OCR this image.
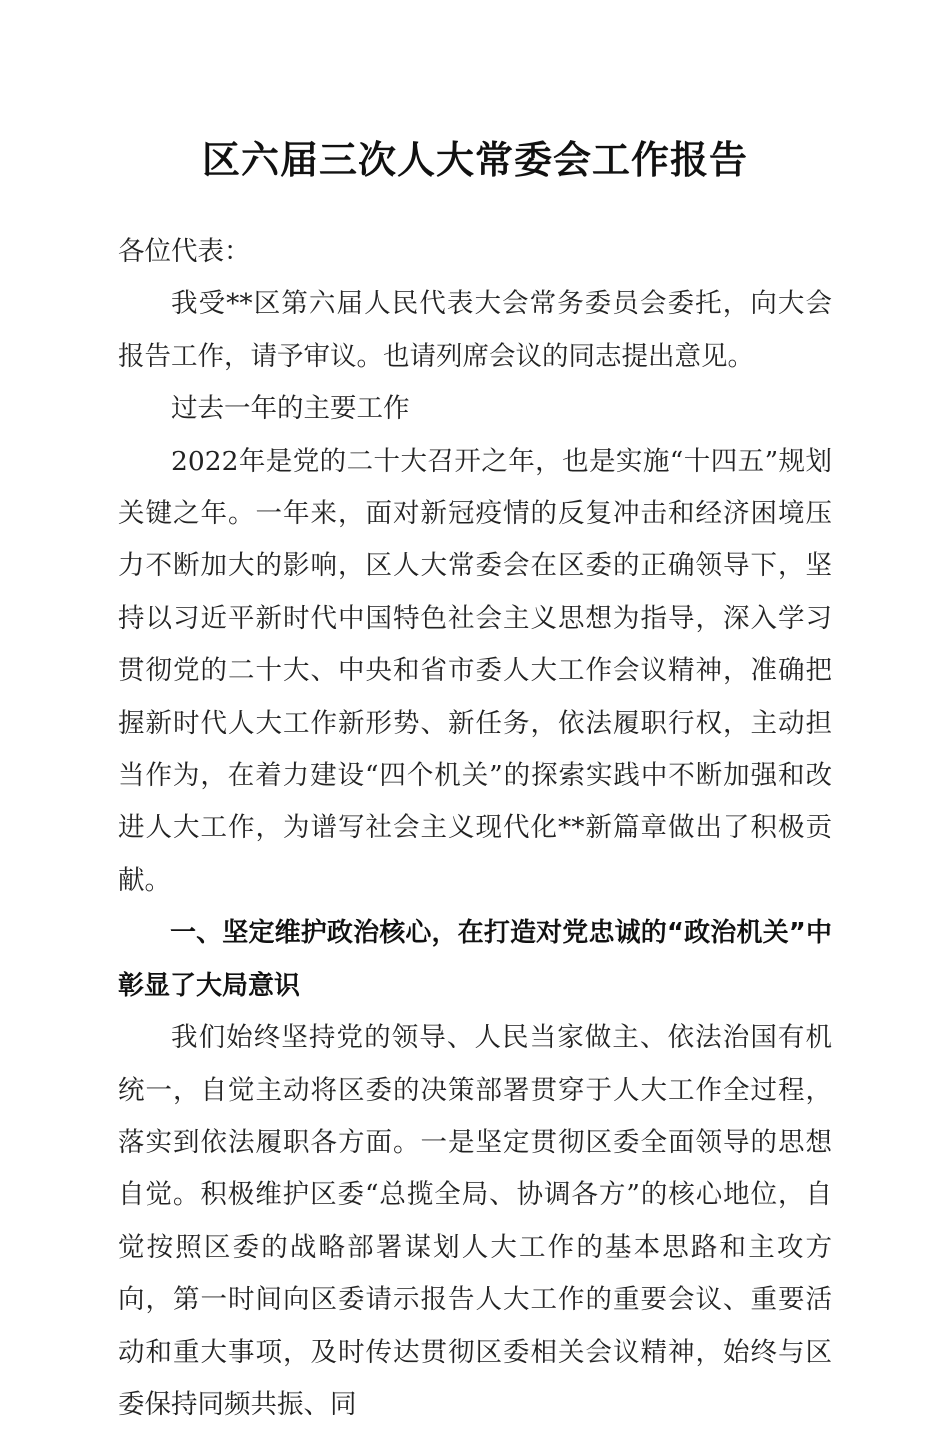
区六届三次人大常委会工作报告

各位代表：

我受**区第六届人民代表大会常务委员会委托，向大会报告工作，请予审议。也请列席会议的同志提出意见。

过去一年的主要工作

2022年是党的二十大召开之年，也是实施“十四五”规划关键之年。一年来，面对新冠疫情的反复冲击和经济困境压力不断加大的影响，区人大常委会在区委的正确领导下，坚持以习近平新时代中国特色社会主义思想为指导，深入学习贯彻党的二十大、中央和省市委人大工作会议精神，准确把握新时代人大工作新形势、新任务，依法履职行权，主动担当作为，在着力建设“四个机关”的探索实践中不断加强和改进人大工作，为谱写社会主义现代化**新篇章做出了积极贡献。

一、坚定维护政治核心，在打造对党忠诚的“政治机关”中彰显了大局意识

我们始终坚持党的领导、人民当家做主、依法治国有机统一，自觉主动将区委的决策部署贯穿于人大工作全过程，落实到依法履职各方面。一是坚定贯彻区委全面领导的思想自觉。积极维护区委“总揽全局、协调各方”的核心地位，自觉按照区委的战略部署谋划人大工作的基本思路和主攻方向，第一时间向区委请示报告人大工作的重要会议、重要活动和重大事项，及时传达贯彻区委相关会议精神，始终与区委保持同频共振、同
